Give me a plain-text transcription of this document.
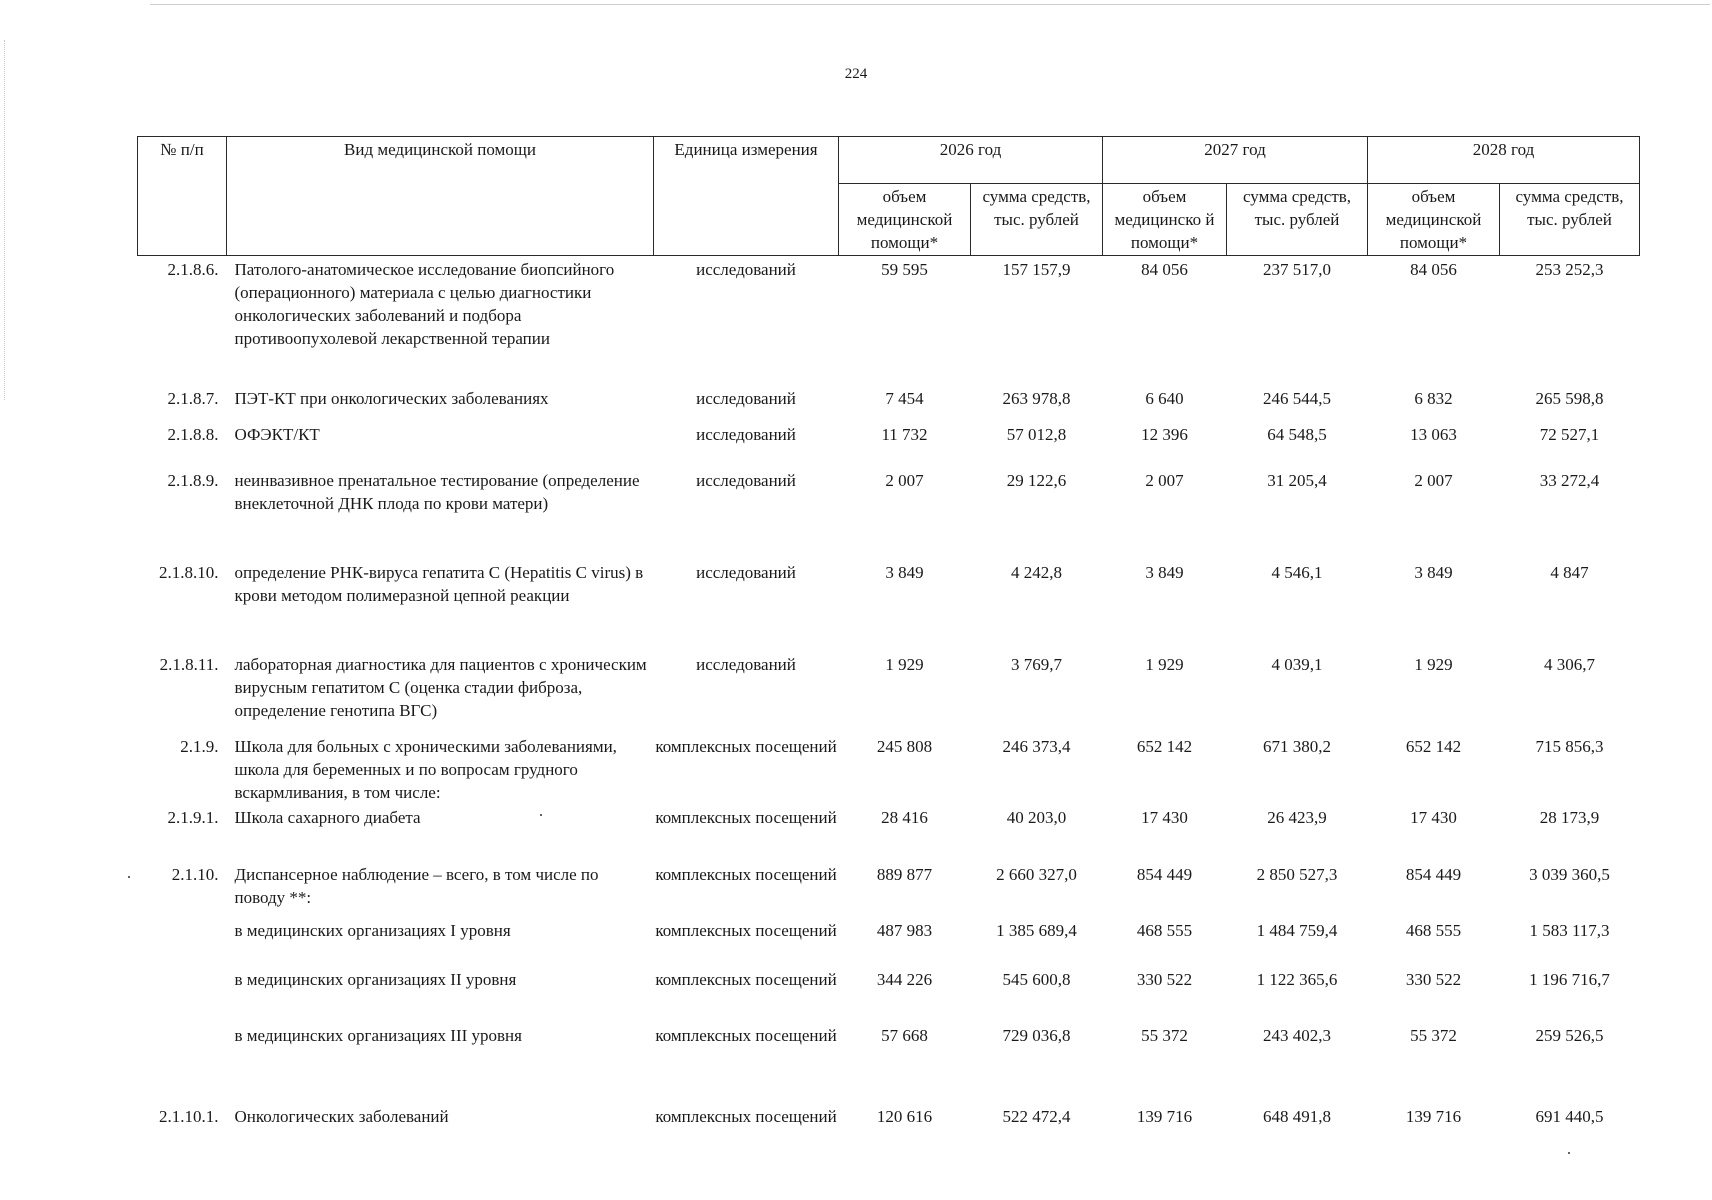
224
№ п/п	Вид медицинской помощи	Единица измерения	2026 год		2027 год		2028 год	
			объем медицинской помощи*	сумма средств, тыс. рублей	объем медицинско й помощи*	сумма средств, тыс. рублей	объем медицинской помощи*	сумма средств, тыс. рублей
2.1.8.6.	Патолого-анатомическое исследование биопсийного (операционного) материала с целью диагностики онкологических заболеваний и подбора противоопухолевой лекарственной терапии	исследований	59 595	157 157,9	84 056	237 517,0	84 056	253 252,3
2.1.8.7.	ПЭТ-КТ при онкологических заболеваниях	исследований	7 454	263 978,8	6 640	246 544,5	6 832	265 598,8
2.1.8.8.	ОФЭКТ/КТ	исследований	11 732	57 012,8	12 396	64 548,5	13 063	72 527,1
2.1.8.9.	неинвазивное пренатальное тестирование (определение внеклеточной ДНК плода по крови матери)	исследований	2 007	29 122,6	2 007	31 205,4	2 007	33 272,4
2.1.8.10.	определение РНК-вируса гепатита С (Hepatitis C virus) в крови методом полимеразной цепной реакции	исследований	3 849	4 242,8	3 849	4 546,1	3 849	4 847
2.1.8.11.	лабораторная диагностика для пациентов с хроническим вирусным гепатитом С (оценка стадии фиброза, определение генотипа ВГС)	исследований	1 929	3 769,7	1 929	4 039,1	1 929	4 306,7
2.1.9.	Школа для больных с хроническими заболеваниями, школа для беременных и по вопросам грудного вскармливания, в том числе:	комплексных посещений	245 808	246 373,4	652 142	671 380,2	652 142	715 856,3
2.1.9.1.	Школа сахарного диабета	комплексных посещений	28 416	40 203,0	17 430	26 423,9	17 430	28 173,9
2.1.10.	Диспансерное наблюдение – всего, в том числе по поводу **:	комплексных посещений	889 877	2 660 327,0	854 449	2 850 527,3	854 449	3 039 360,5
	в медицинских организациях I уровня	комплексных посещений	487 983	1 385 689,4	468 555	1 484 759,4	468 555	1 583 117,3
	в медицинских организациях II уровня	комплексных посещений	344 226	545 600,8	330 522	1 122 365,6	330 522	1 196 716,7
	в медицинских организациях III уровня	комплексных посещений	57 668	729 036,8	55 372	243 402,3	55 372	259 526,5
2.1.10.1.	Онкологических заболеваний	комплексных посещений	120 616	522 472,4	139 716	648 491,8	139 716	691 440,5
